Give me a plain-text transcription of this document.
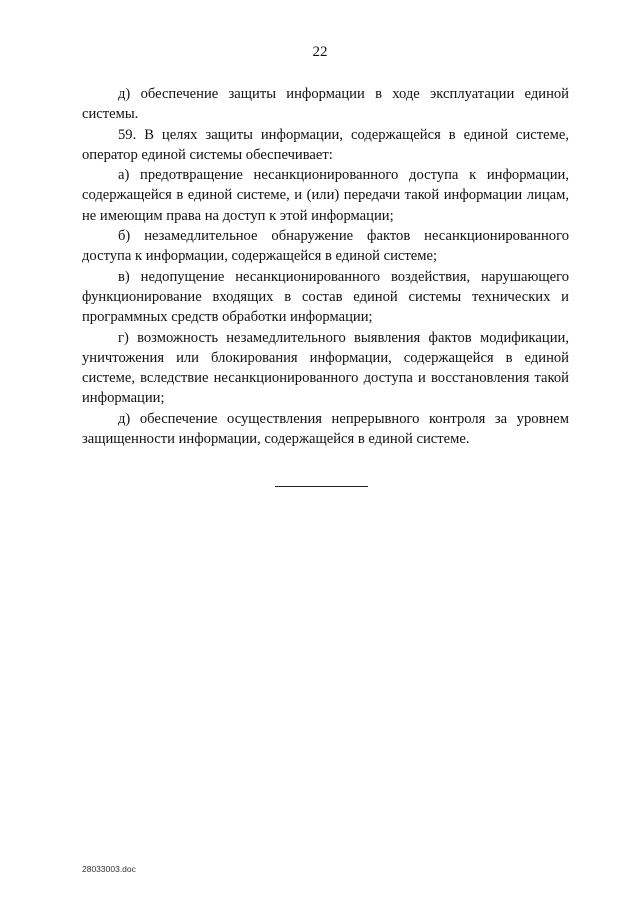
22

д) обеспечение защиты информации в ходе эксплуатации единой системы.

59. В целях защиты информации, содержащейся в единой системе, оператор единой системы обеспечивает:

а) предотвращение несанкционированного доступа к информации, содержащейся в единой системе, и (или) передачи такой информации лицам, не имеющим права на доступ к этой информации;

б) незамедлительное обнаружение фактов несанкционированного доступа к информации, содержащейся в единой системе;

в) недопущение несанкционированного воздействия, нарушающего функционирование входящих в состав единой системы технических и программных средств обработки информации;

г) возможность незамедлительного выявления фактов модификации, уничтожения или блокирования информации, содержащейся в единой системе, вследствие несанкционированного доступа и восстановления такой информации;

д) обеспечение осуществления непрерывного контроля за уровнем защищенности информации, содержащейся в единой системе.

28033003.doc
